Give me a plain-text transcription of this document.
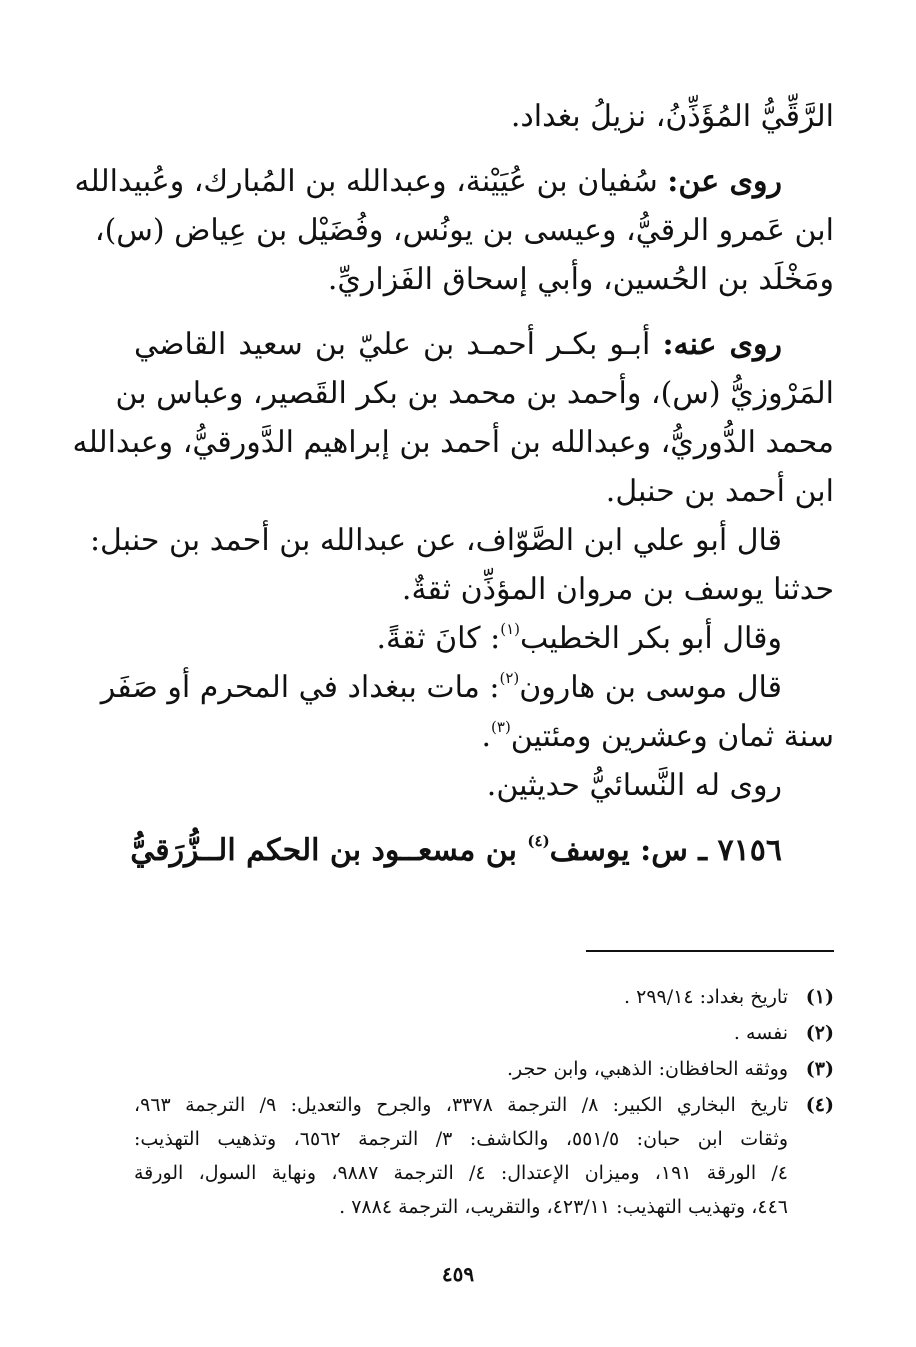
الرَّقِّيُّ المُؤَذِّنُ، نزيلُ بغداد.
روى عن: سُفيان بن عُيَيْنة، وعبدالله بن المُبارك، وعُبيدالله
ابن عَمرو الرقيُّ، وعيسى بن يونُس، وفُضَيْل بن عِياض (س)،
ومَخْلَد بن الحُسين، وأبي إسحاق الفَزاريِّ.
روى عنه: أبـو بكـر أحمـد بن عليّ بن سعيد القاضي
المَرْوزيُّ (س)، وأحمد بن محمد بن بكر القَصير، وعباس بن
محمد الدُّوريُّ، وعبدالله بن أحمد بن إبراهيم الدَّورقيُّ، وعبدالله
ابن أحمد بن حنبل.
قال أبو علي ابن الصَّوّاف، عن عبدالله بن أحمد بن حنبل:
حدثنا يوسف بن مروان المؤذِّن ثقةٌ.
وقال أبو بكر الخطيب$^{(١)}$: كانَ ثقةً.
قال موسى بن هارون$^{(٢)}$: مات ببغداد في المحرم أو صَفَر
سنة ثمان وعشرين ومئتين$^{(٣)}$.
روى له النَّسائيُّ حديثين.
٧١٥٦ ـ س: يوسف$^{(٤)}$ بن مسعــود بن الحكم الــزُّرَقيُّ
(١)
تاريخ بغداد: ٢٩٩/١٤ .
(٢)
نفسه .
(٣)
ووثقه الحافظان: الذهبي، وابن حجر.
(٤)
تاريخ البخاري الكبير: ٨/ الترجمة ٣٣٧٨، والجرح والتعديل: ٩/ الترجمة ٩٦٣،
وثقات ابن حبان: ٥٥١/٥، والكاشف: ٣/ الترجمة ٦٥٦٢، وتذهيب التهذيب:
٤/ الورقة ١٩١، وميزان الإعتدال: ٤/ الترجمة ٩٨٨٧، ونهاية السول، الورقة
٤٤٦، وتهذيب التهذيب: ٤٢٣/١١، والتقريب، الترجمة ٧٨٨٤ .
٤٥٩
